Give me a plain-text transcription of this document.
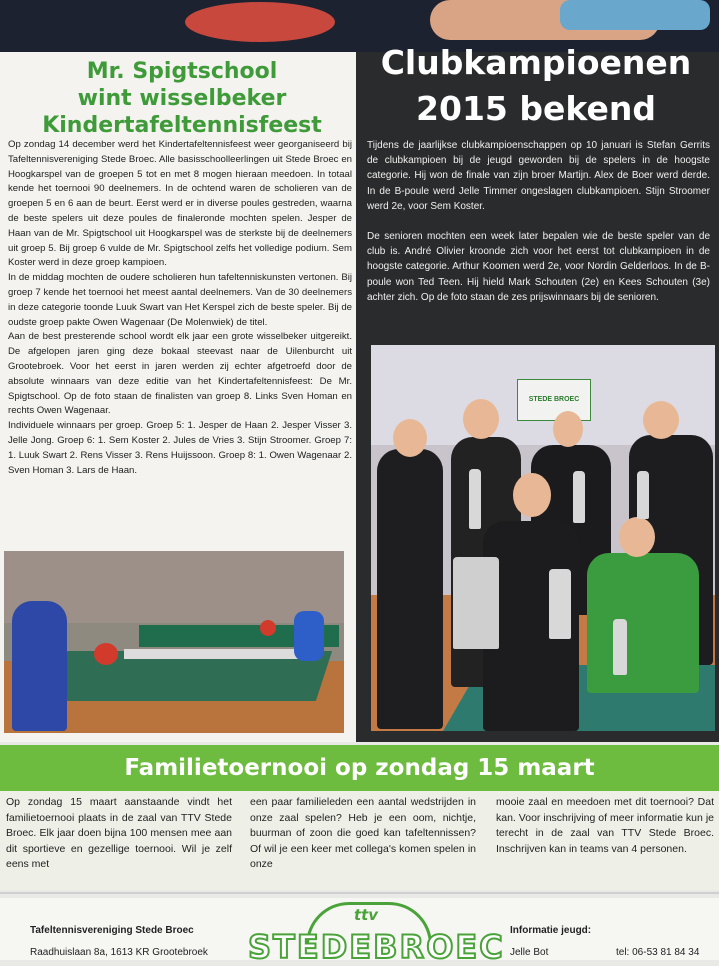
Mr. Spigtschool
wint wisselbeker
Kindertafeltennisfeest

Op zondag 14 december werd het Kindertafeltennisfeest weer georganiseerd bij Tafeltennisvereniging Stede Broec. Alle basisschoolleerlingen uit Stede Broec en Hoogkarspel van de groepen 5 tot en met 8 mogen hieraan meedoen. In totaal kende het toernooi 90 deelnemers. In de ochtend waren de scholieren van de groepen 5 en 6 aan de beurt. Eerst werd er in diverse poules gestreden, waarna de beste spelers uit deze poules de finaleronde mochten spelen. Jesper de Haan van de Mr. Spigtschool uit Hoogkarspel was de sterkste bij de deelnemers uit groep 5. Bij groep 6 vulde de Mr. Spigtschool zelfs het volledige podium. Sem Koster werd in deze groep kampioen.

In de middag mochten de oudere scholieren hun tafeltenniskunsten vertonen. Bij groep 7 kende het toernooi het meest aantal deelnemers. Van de 30 deelnemers in deze categorie toonde Luuk Swart van Het Kerspel zich de beste speler. Bij de oudste groep pakte Owen Wagenaar (De Molenwiek) de titel.

Aan de best presterende school wordt elk jaar een grote wisselbeker uitgereikt. De afgelopen jaren ging deze bokaal steevast naar de Uilenburcht uit Grootebroek. Voor het eerst in jaren werden zij echter afgetroefd door de absolute winnaars van deze editie van het Kindertafeltennisfeest: De Mr. Spigtschool. Op de foto staan de finalisten van groep 8. Links Sven Homan en rechts Owen Wagenaar.

Individuele winnaars per groep. Groep 5: 1. Jesper de Haan 2. Jesper Visser 3. Jelle Jong. Groep 6: 1. Sem Koster 2. Jules de Vries 3. Stijn Stroomer. Groep 7: 1. Luuk Swart 2. Rens Visser 3. Rens Huijssoon. Groep 8: 1. Owen Wagenaar 2. Sven Homan 3. Lars de Haan.

Clubkampioenen
2015 bekend

Tijdens de jaarlijkse clubkampioenschappen op 10 januari is Stefan Gerrits de clubkampioen bij de jeugd geworden bij de spelers in de hoogste categorie. Hij won de finale van zijn broer Martijn. Alex de Boer werd derde. In de B-poule werd Jelle Timmer ongeslagen clubkampioen. Stijn Stroomer werd 2e, voor Sem Koster.

De senioren mochten een week later bepalen wie de beste speler van de club is. André Olivier kroonde zich voor het eerst tot clubkampioen in de hoogste categorie. Arthur Koomen werd 2e, voor Nordin Gelderloos. In de B-poule won Ted Teen. Hij hield Mark Schouten (2e) en Kees Schouten (3e) achter zich. Op de foto staan de zes prijswinnaars bij de senioren.

STEDE BROEC
Familietoernooi op zondag 15 maart

Op zondag 15 maart aanstaande vindt het familietoernooi plaats in de zaal van TTV Stede Broec. Elk jaar doen bijna 100 mensen mee aan dit sportieve en gezellige toernooi. Wil je zelf eens met

een paar familieleden een aantal wedstrijden in onze zaal spelen? Heb je een oom, nichtje, buurman of zoon die goed kan tafeltennissen? Of wil je een keer met collega's komen spelen in onze

mooie zaal en meedoen met dit toernooi? Dat kan. Voor inschrijving of meer informatie kun je terecht in de zaal van TTV Stede Broec. Inschrijven kan in teams van 4 personen.

Tafeltennisvereniging Stede Broec
Raadhuislaan 8a, 1613 KR Grootebroek
ttv
STEDEBROEC Informatie jeugd:
Jelle Bot	tel: 06-53 81 84 34
